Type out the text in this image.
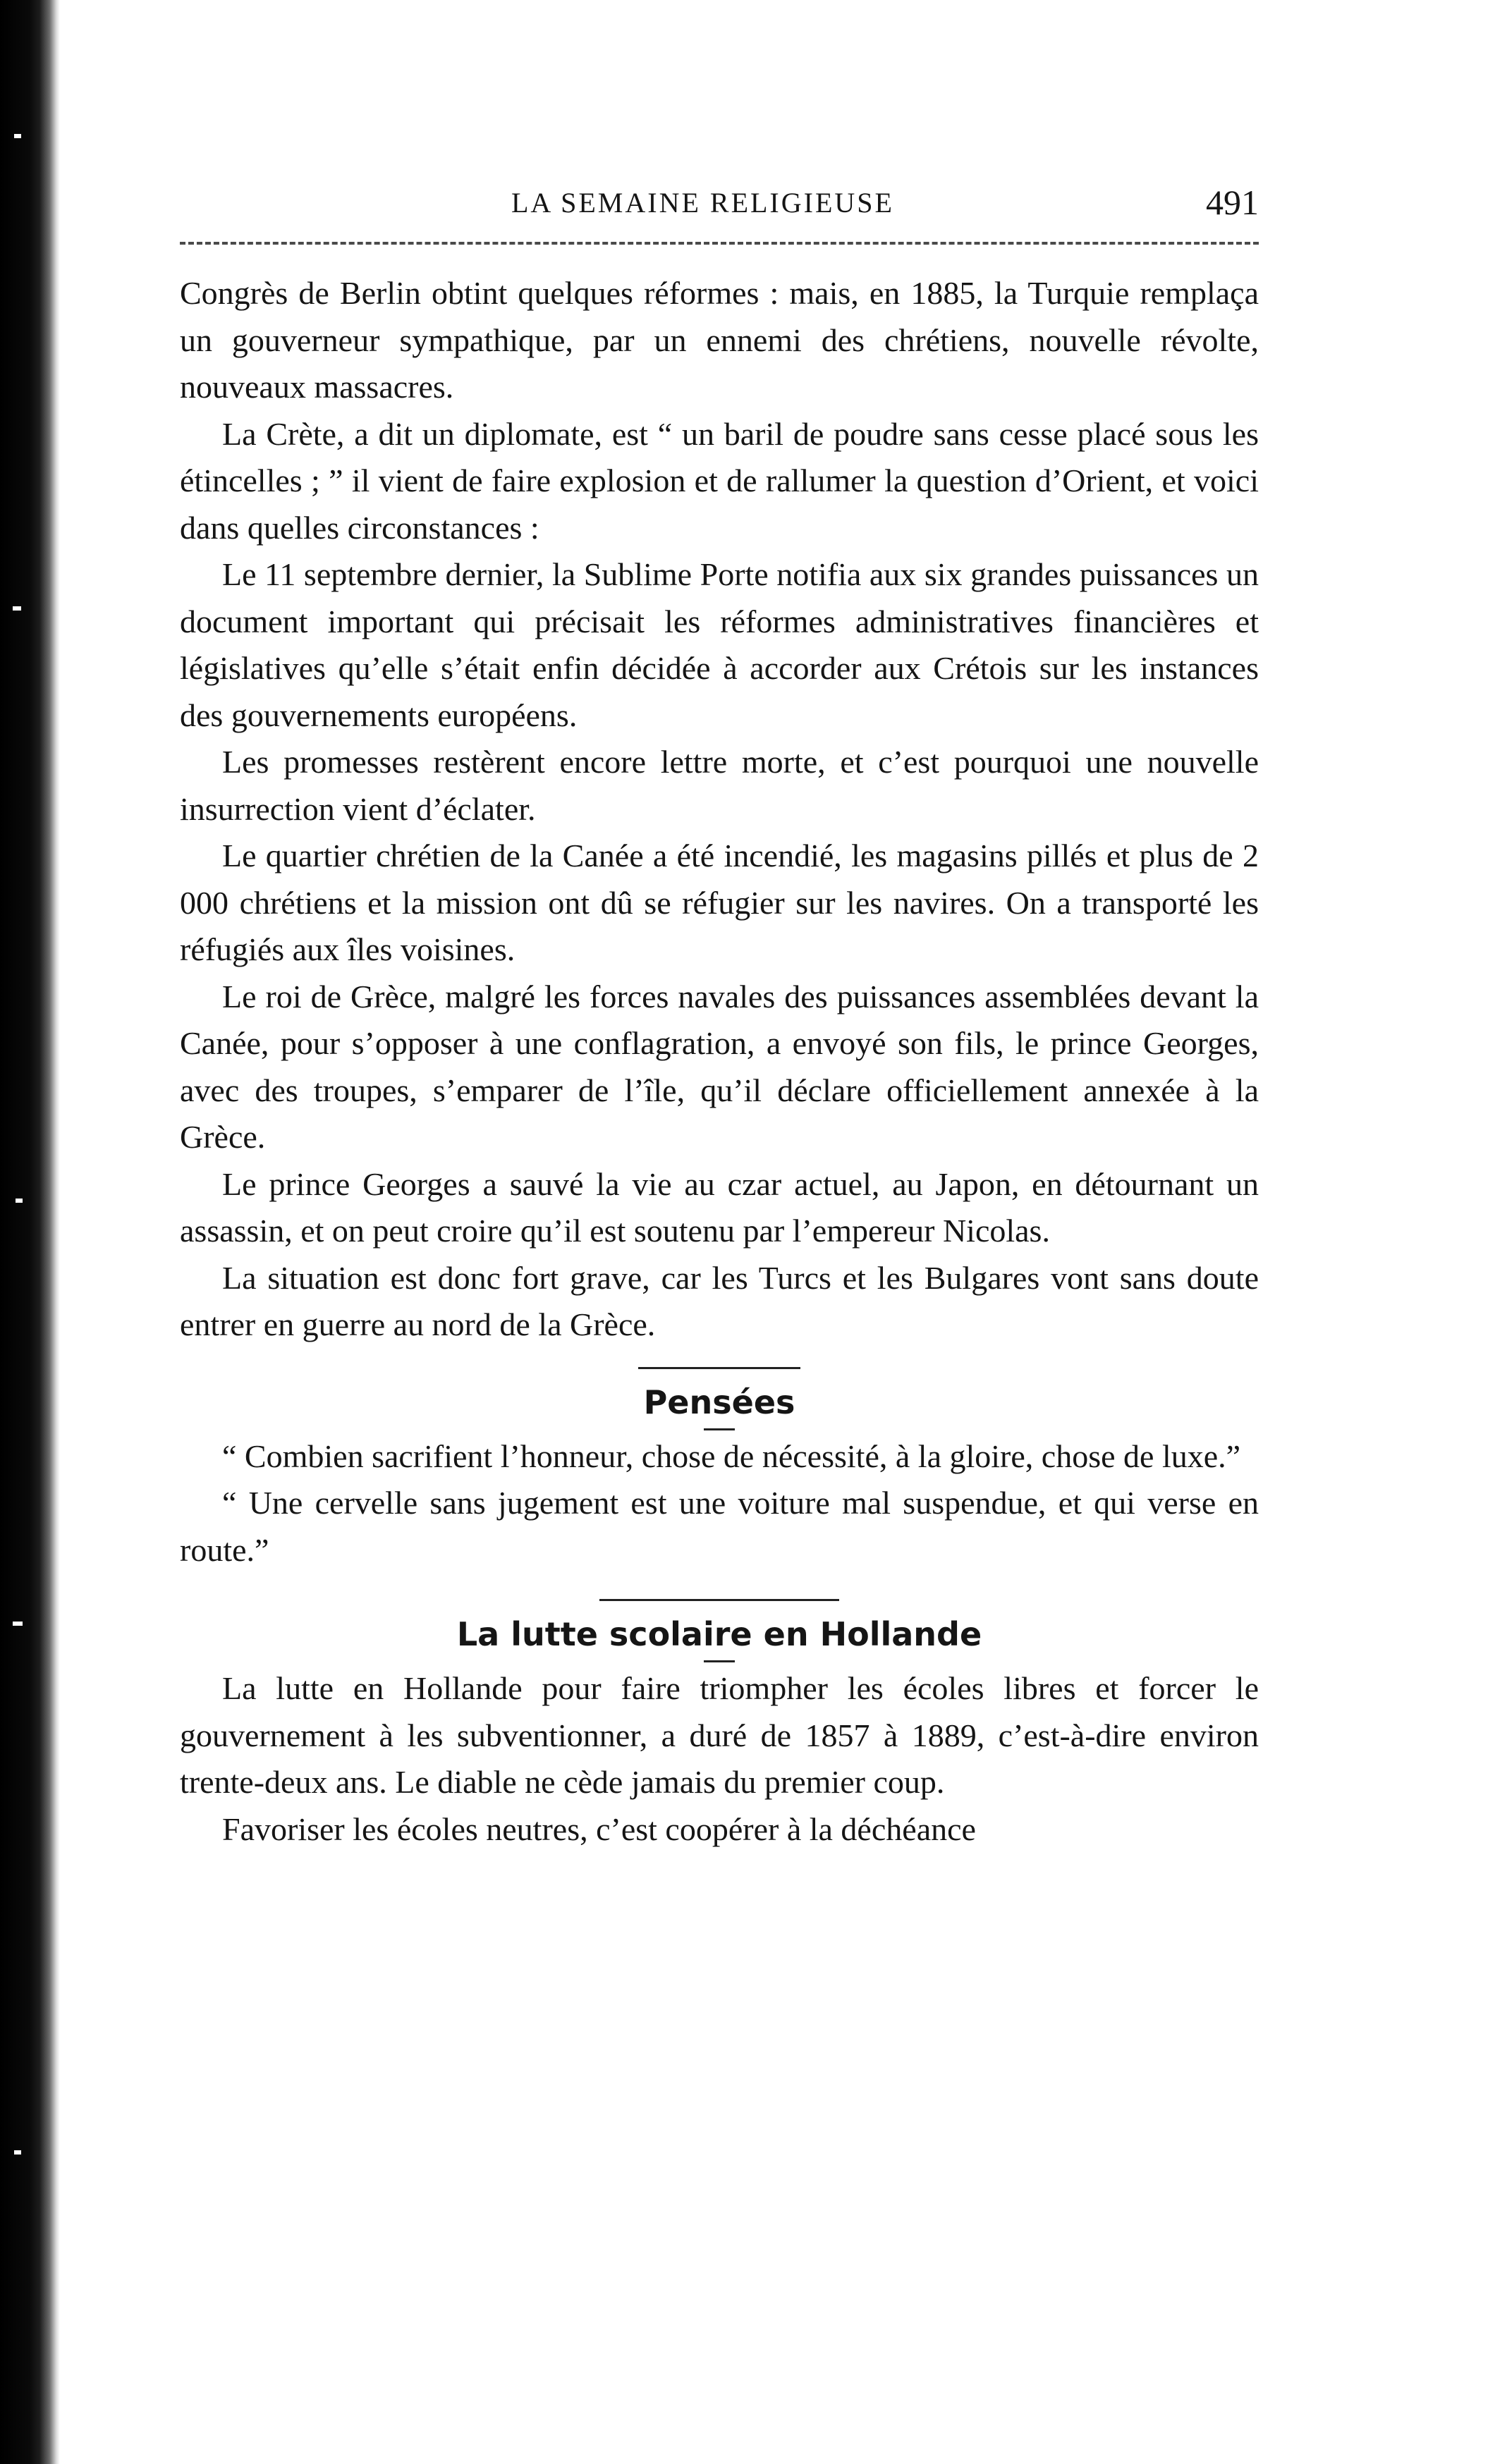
LA SEMAINE RELIGIEUSE	491

Congrès de Berlin obtint quelques réformes : mais, en 1885, la Turquie remplaça un gouverneur sympathique, par un ennemi des chrétiens, nouvelle révolte, nouveaux massacres.

La Crète, a dit un diplomate, est “ un baril de poudre sans cesse placé sous les étincelles ; ” il vient de faire explosion et de rallumer la question d’Orient, et voici dans quelles circonstances :

Le 11 septembre dernier, la Sublime Porte notifia aux six grandes puissances un document important qui précisait les réformes administratives financières et législatives qu’elle s’était enfin décidée à accorder aux Crétois sur les instances des gouvernements européens.

Les promesses restèrent encore lettre morte, et c’est pourquoi une nouvelle insurrection vient d’éclater.

Le quartier chrétien de la Canée a été incendié, les magasins pillés et plus de 2 000 chrétiens et la mission ont dû se réfugier sur les navires. On a transporté les réfugiés aux îles voisines.

Le roi de Grèce, malgré les forces navales des puissances assemblées devant la Canée, pour s’opposer à une conflagration, a envoyé son fils, le prince Georges, avec des troupes, s’emparer de l’île, qu’il déclare officiellement annexée à la Grèce.

Le prince Georges a sauvé la vie au czar actuel, au Japon, en détournant un assassin, et on peut croire qu’il est soutenu par l’empereur Nicolas.

La situation est donc fort grave, car les Turcs et les Bulgares vont sans doute entrer en guerre au nord de la Grèce.

Pensées

“ Combien sacrifient l’honneur, chose de nécessité, à la gloire, chose de luxe.”

“ Une cervelle sans jugement est une voiture mal suspendue, et qui verse en route.”

La lutte scolaire en Hollande

La lutte en Hollande pour faire triompher les écoles libres et forcer le gouvernement à les subventionner, a duré de 1857 à 1889, c’est-à-dire environ trente-deux ans. Le diable ne cède jamais du premier coup.

Favoriser les écoles neutres, c’est coopérer à la déchéance
